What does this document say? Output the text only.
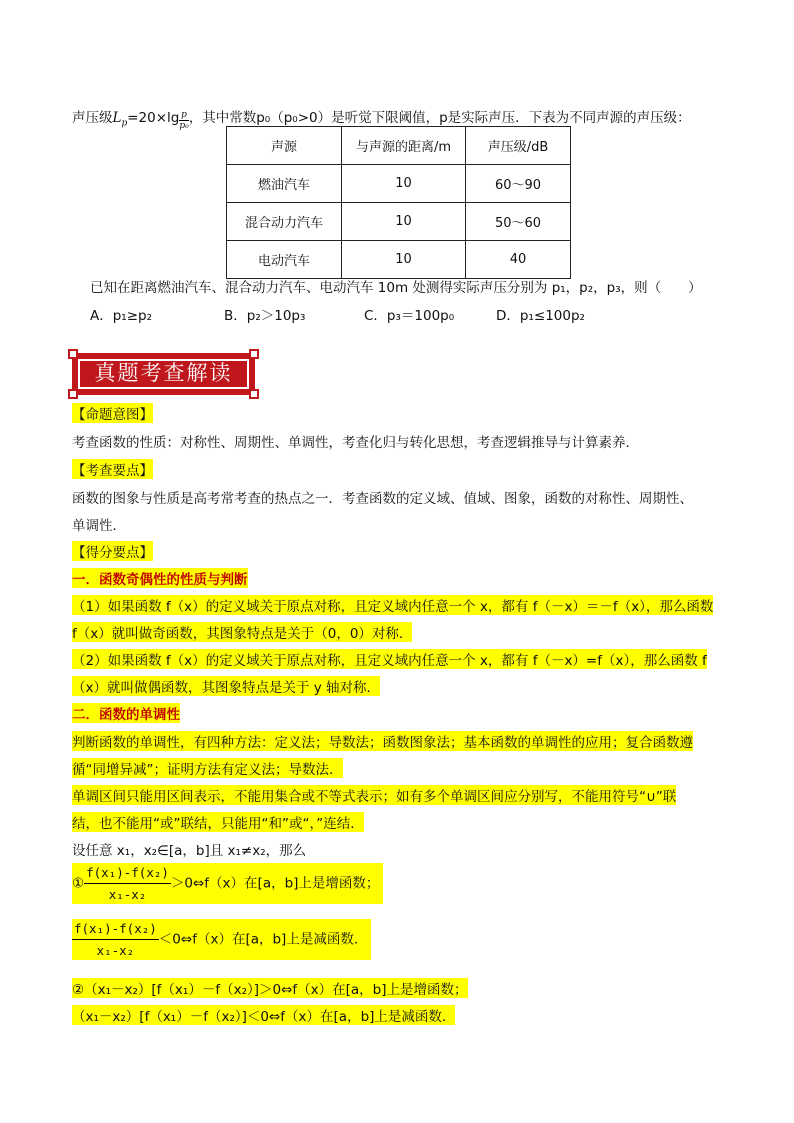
声压级$L_p=20\times\lg \frac{p}{\text{p₀}}$ ，其中常数p₀（p₀>0）是听觉下限阈值，p是实际声压．下表为不同声源的声压级：
声源	与声源的距离/m	声压级/dB
燃油汽车	10	60～90
混合动力汽车	10	50～60
电动汽车	10	40
已知在距离燃油汽车、混合动力汽车、电动汽车 10m 处测得实际声压分别为 p₁，p₂，p₃，则（　　）
A．p₁≥p₂	B．p₂＞10p₃	C．p₃＝100p₀	D．p₁≤100p₂
真题考查解读
【命题意图】
考查函数的性质：对称性、周期性、单调性，考查化归与转化思想，考查逻辑推导与计算素养．
【考查要点】
函数的图象与性质是高考常考查的热点之一．考查函数的定义域、值域、图象，函数的对称性、周期性、
单调性．
【得分要点】
一．函数奇偶性的性质与判断
（1）如果函数 f（x）的定义域关于原点对称，且定义域内任意一个 x，都有 f（－x）＝－f（x），那么函数
f（x）就叫做奇函数，其图象特点是关于（0，0）对称．
（2）如果函数 f（x）的定义域关于原点对称，且定义域内任意一个 x，都有 f（－x）=f（x），那么函数 f
（x）就叫做偶函数，其图象特点是关于 y 轴对称．
二．函数的单调性
判断函数的单调性，有四种方法：定义法；导数法；函数图象法；基本函数的单调性的应用；复合函数遵
循“同增异减”；证明方法有定义法；导数法．
单调区间只能用区间表示，不能用集合或不等式表示；如有多个单调区间应分别写，不能用符号“∪”联
结，也不能用“或”联结，只能用“和”或“，”连结．
设任意 x₁，x₂∈[a，b]且 x₁≠x₂，那么
① $\frac{\text{f(x₁)-f(x₂)}}{\text{x₁-x₂}}$ ＞0⇔f（x）在[a，b]上是增函数；
$\frac{\text{f(x₁)-f(x₂)}}{\text{x₁-x₂}}$ ＜0⇔f（x）在[a，b]上是减函数．
②（x₁－x₂）[f（x₁）－f（x₂）]＞0⇔f（x）在[a，b]上是增函数；
（x₁－x₂）[f（x₁）－f（x₂）]＜0⇔f（x）在[a，b]上是减函数．
